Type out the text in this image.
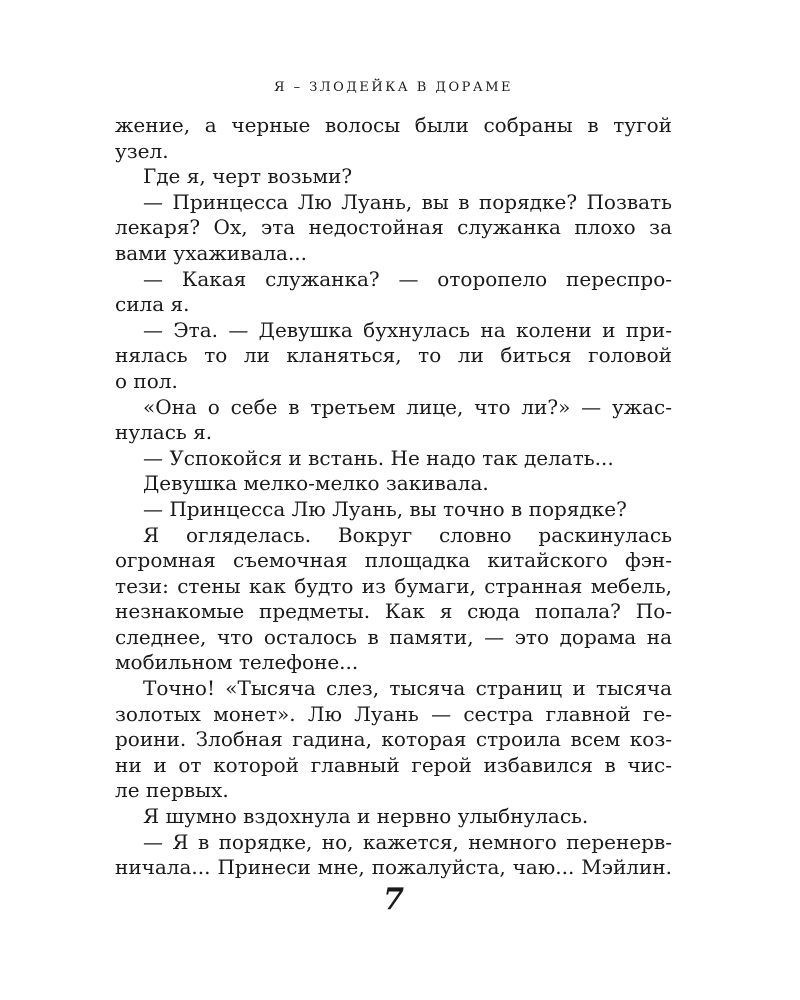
Я – ЗЛОДЕЙКА В ДОРАМЕ
жение, а черные волосы были собраны в тугой
узел.
Где я, черт возьми?
— Принцесса Лю Луань, вы в порядке? Позвать
лекаря? Ох, эта недостойная служанка плохо за
вами ухаживала...
— Какая служанка? — оторопело переспро-
сила я.
— Эта. — Девушка бухнулась на колени и при-
нялась то ли кланяться, то ли биться головой
о пол.
«Она о себе в третьем лице, что ли?» — ужас-
нулась я.
— Успокойся и встань. Не надо так делать...
Девушка мелко-мелко закивала.
— Принцесса Лю Луань, вы точно в порядке?
Я огляделась. Вокруг словно раскинулась
огромная съемочная площадка китайского фэн-
тези: стены как будто из бумаги, странная мебель,
незнакомые предметы. Как я сюда попала? По-
следнее, что осталось в памяти, — это дорама на
мобильном телефоне...
Точно! «Тысяча слез, тысяча страниц и тысяча
золотых монет». Лю Луань — сестра главной ге-
роини. Злобная гадина, которая строила всем коз-
ни и от которой главный герой избавился в чис-
ле первых.
Я шумно вздохнула и нервно улыбнулась.
— Я в порядке, но, кажется, немного перенерв-
ничала... Принеси мне, пожалуйста, чаю... Мэйлин.
7
